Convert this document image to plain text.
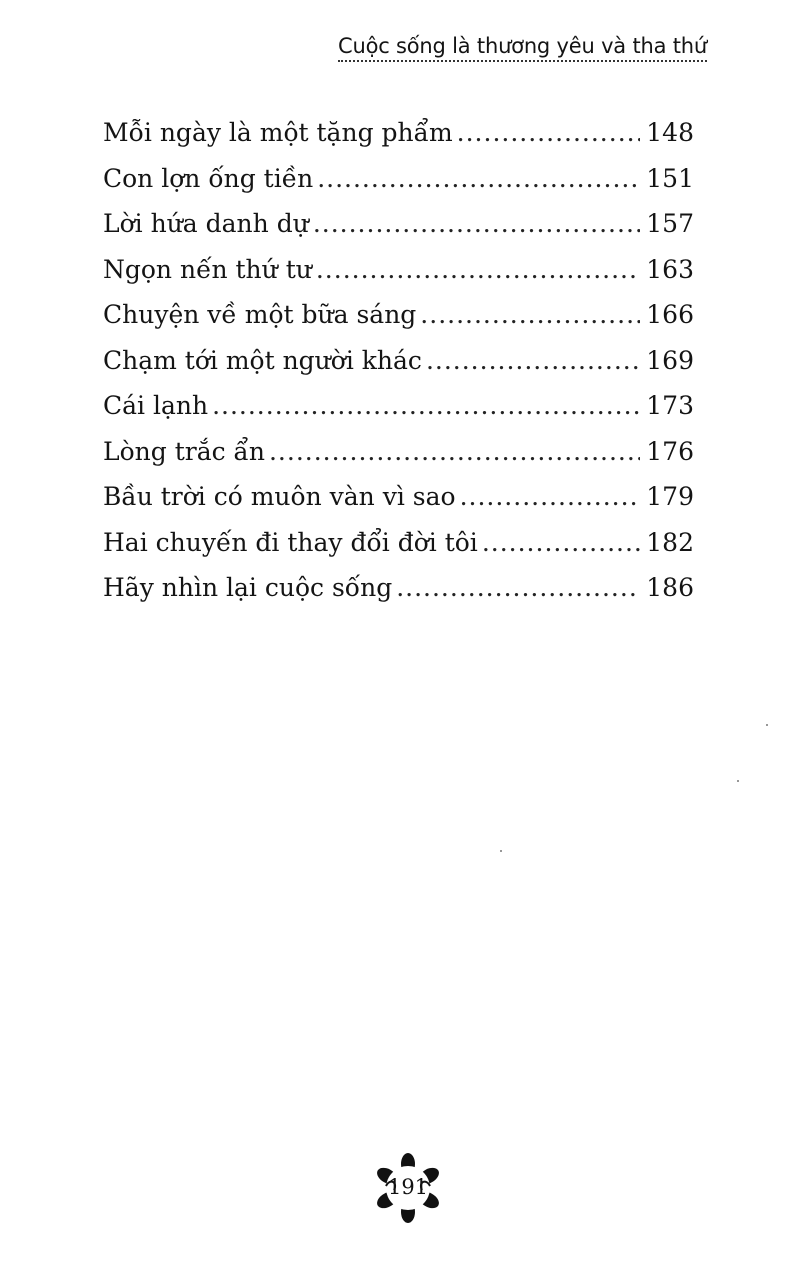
Cuộc sống là thương yêu và tha thứ
Mỗi ngày là một tặng phẩm .....	148
Con lợn ống tiền .....	151
Lời hứa danh dự .....	157
Ngọn nến thứ tư .....	163
Chuyện về một bữa sáng .....	166
Chạm tới một người khác .....	169
Cái lạnh .....	173
Lòng trắc ẩn .....	176
Bầu trời có muôn vàn vì sao .....	179
Hai chuyến đi thay đổi đời tôi .....	182
Hãy nhìn lại cuộc sống .....	186
191
